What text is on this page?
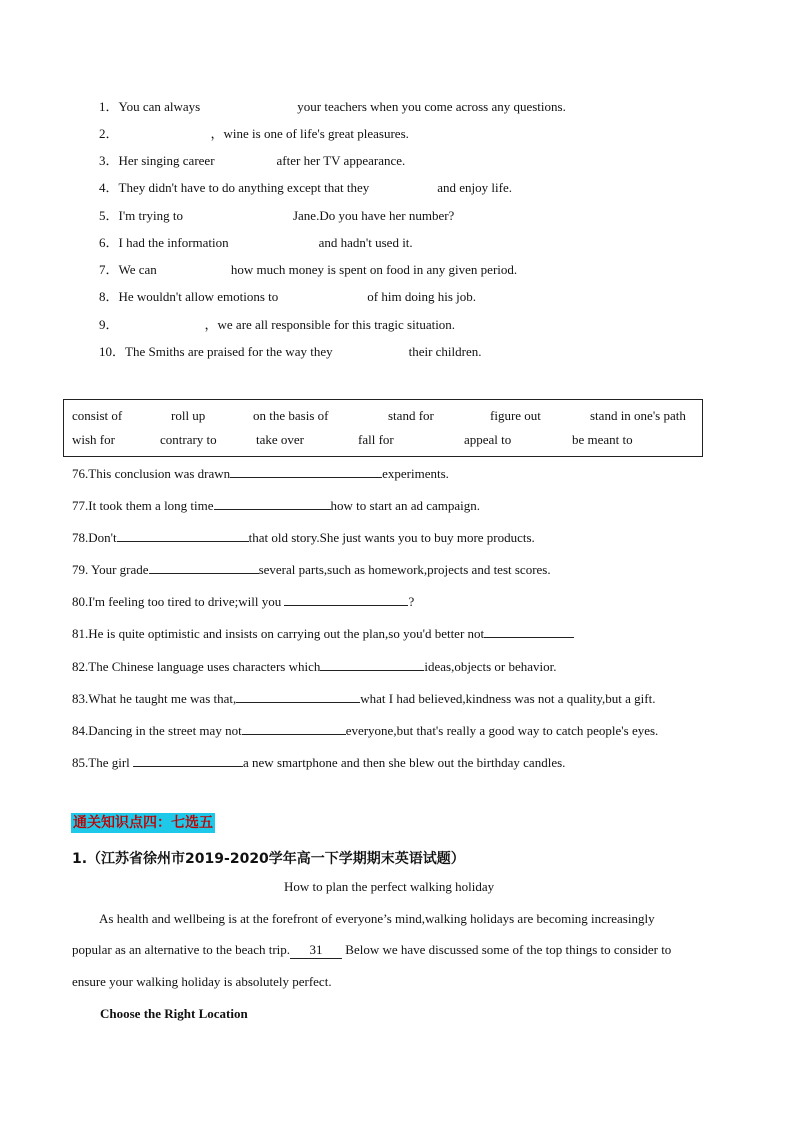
1．You can always	your teachers when you come across any questions.
2．	，wine is one of life's great pleasures.
3．Her singing career	after her TV appearance.
4．They didn't have to do anything except that they	and enjoy life.
5．I'm trying to	Jane.Do you have her number?
6．I had the information	and hadn't used it.
7．We can	how much money is spent on food in any given period.
8．He wouldn't allow emotions to	of him doing his job.
9．	，we are all responsible for this tragic situation.
10．The Smiths are praised for the way they	their children.
consist of	roll up	on the basis of	stand for	figure out	stand in one's path
wish for	contrary to	take over	fall for	appeal to	be meant to
76.This conclusion was drawn	experiments.
77.It took them a long time	how to start an ad campaign.
78.Don't	that old story.She just wants you to buy more products.
79. Your grade	several parts,such as homework,projects and test scores.
80.I'm feeling too tired to drive;will you	?
81.He is quite optimistic and insists on carrying out the plan,so you'd better not
82.The Chinese language uses characters which	ideas,objects or behavior.
83.What he taught me was that,	what I had believed,kindness was not a quality,but a gift.
84.Dancing in the street may not	everyone,but that's really a good way to catch people's eyes.
85.The girl	a new smartphone and then she blew out the birthday candles.
通关知识点四：七选五
1.（江苏省徐州市2019-2020学年高一下学期期末英语试题）
How to plan the perfect walking holiday
As health and wellbeing is at the forefront of everyone’s mind,walking holidays are becoming increasingly
popular as an alternative to the beach trip. 31 Below we have discussed some of the top things to consider to
ensure your walking holiday is absolutely perfect.
Choose the Right Location
